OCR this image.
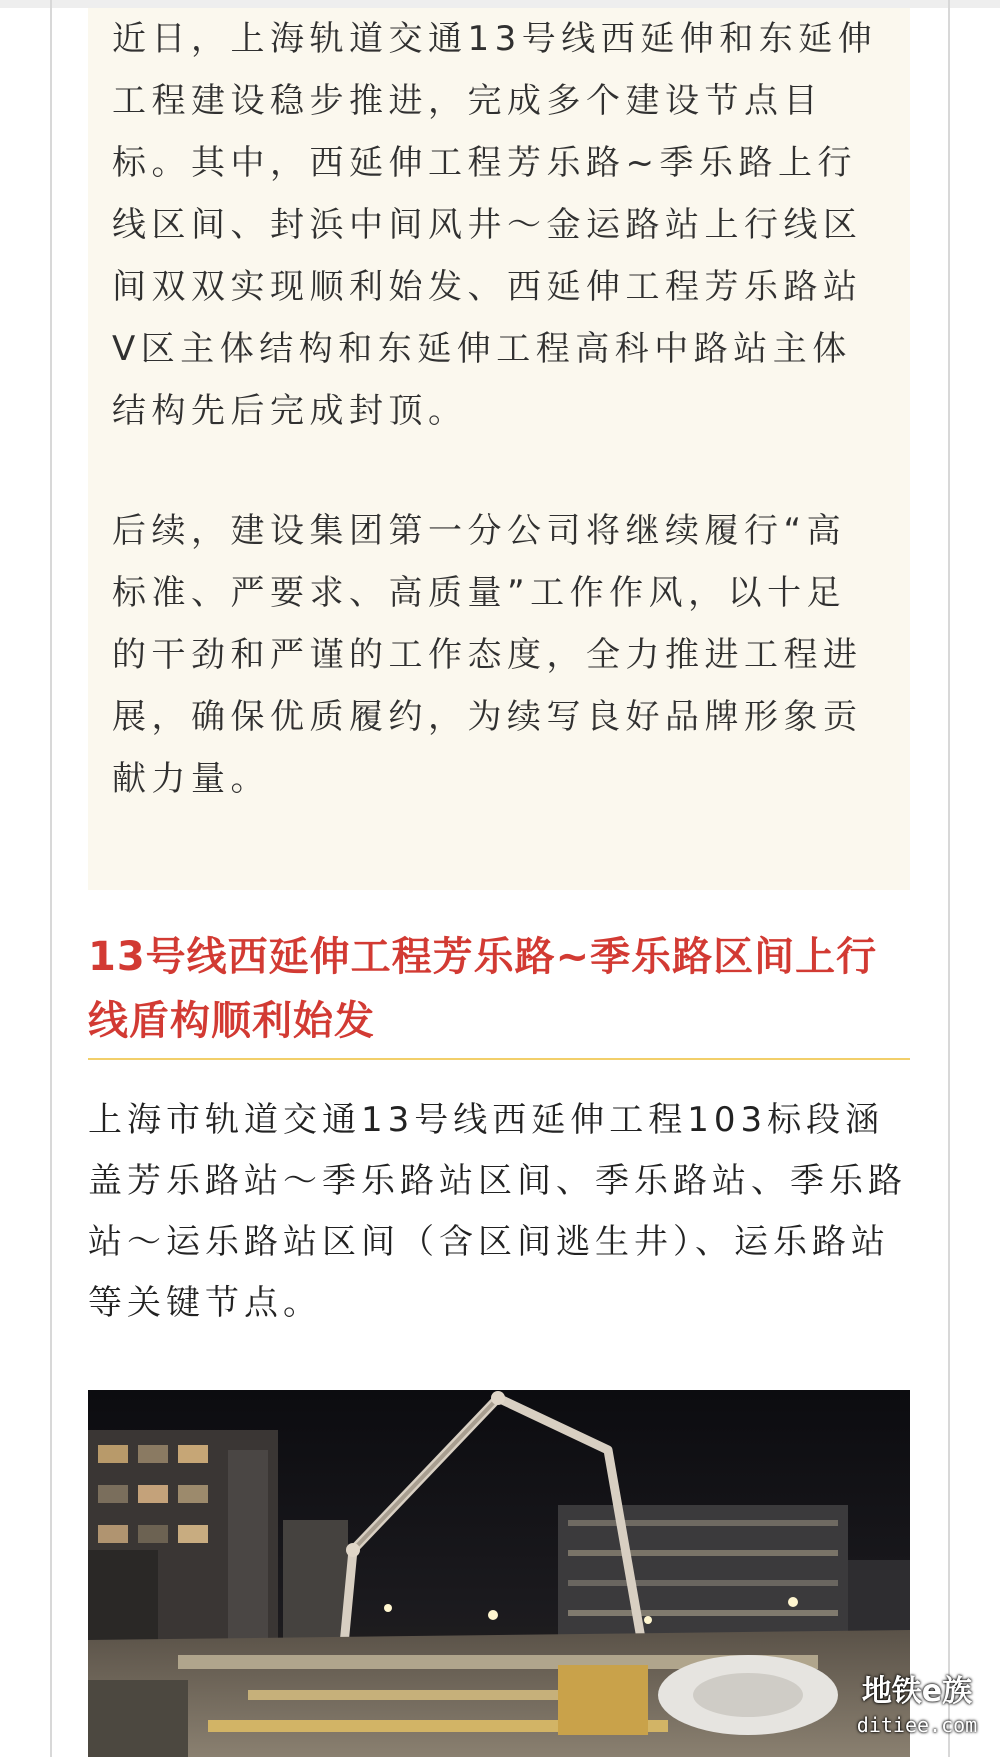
近日，上海轨道交通13号线西延伸和东延伸工程建设稳步推进，完成多个建设节点目标。其中，西延伸工程芳乐路~季乐路上行线区间、封浜中间风井～金运路站上行线区间双双实现顺利始发、西延伸工程芳乐路站V区主体结构和东延伸工程高科中路站主体结构先后完成封顶。

后续，建设集团第一分公司将继续履行“高标准、严要求、高质量”工作作风，以十足的干劲和严谨的工作态度，全力推进工程进展，确保优质履约，为续写良好品牌形象贡献力量。

13号线西延伸工程芳乐路~季乐路区间上行线盾构顺利始发

上海市轨道交通13号线西延伸工程103标段涵盖芳乐路站～季乐路站区间、季乐路站、季乐路站～运乐路站区间（含区间逃生井）、运乐路站等关键节点。

地铁e族
ditiee.com
